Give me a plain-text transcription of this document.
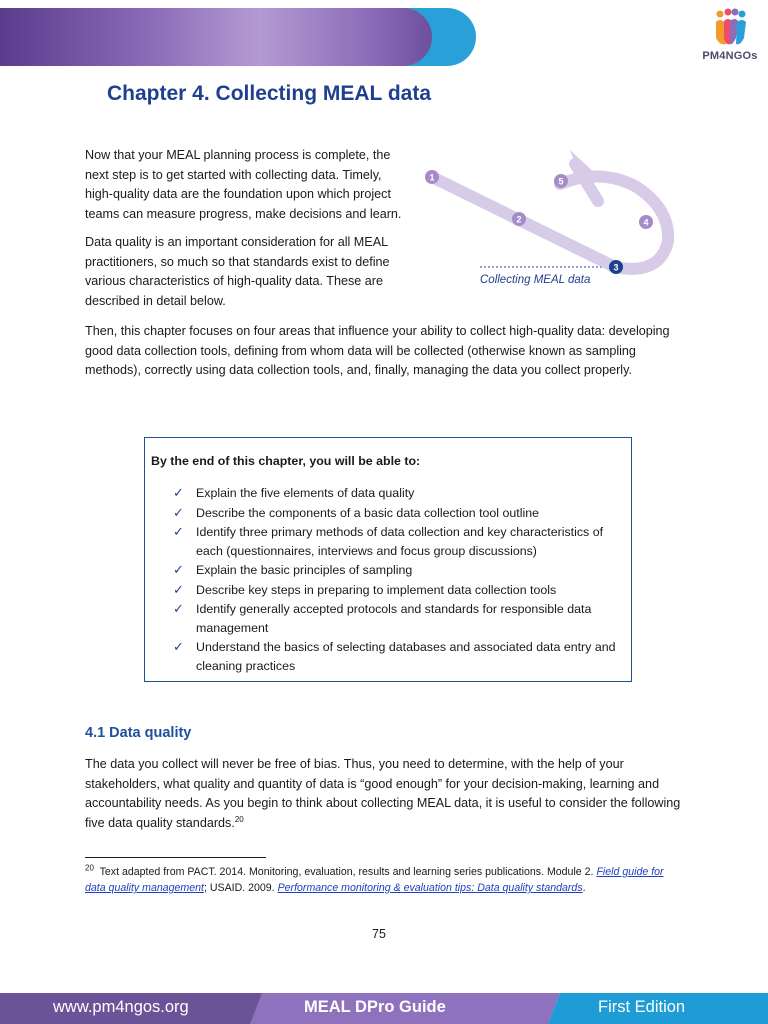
PM4NGOs
Chapter 4. Collecting MEAL data

Now that your MEAL planning process is complete, the next step is to get started with collecting data. Timely, high-quality data are the foundation upon which project teams can measure progress, make decisions and learn.

Data quality is an important consideration for all MEAL practitioners, so much so that standards exist to define various characteristics of high-quality data. These are described in detail below.

1
2
3
4
5
Collecting MEAL data

Then, this chapter focuses on four areas that influence your ability to collect high-quality data: developing good data collection tools, defining from whom data will be collected (otherwise known as sampling methods), correctly using data collection tools, and, finally, managing the data you collect properly.

By the end of this chapter, you will be able to:
✓ Explain the five elements of data quality
✓ Describe the components of a basic data collection tool outline
✓ Identify three primary methods of data collection and key characteristics of each (questionnaires, interviews and focus group discussions)
✓ Explain the basic principles of sampling
✓ Describe key steps in preparing to implement data collection tools
✓ Identify generally accepted protocols and standards for responsible data management
✓ Understand the basics of selecting databases and associated data entry and cleaning practices
4.1 Data quality

The data you collect will never be free of bias. Thus, you need to determine, with the help of your stakeholders, what quality and quantity of data is “good enough” for your decision-making, learning and accountability needs. As you begin to think about collecting MEAL data, it is useful to consider the following five data quality standards.$^{20}$

$^{20}$ Text adapted from PACT. 2014. Monitoring, evaluation, results and learning series publications. Module 2. Field guide for data quality management; USAID. 2009. Performance monitoring & evaluation tips: Data quality standards.
75
www.pm4ngos.org	MEAL DPro Guide	First Edition
